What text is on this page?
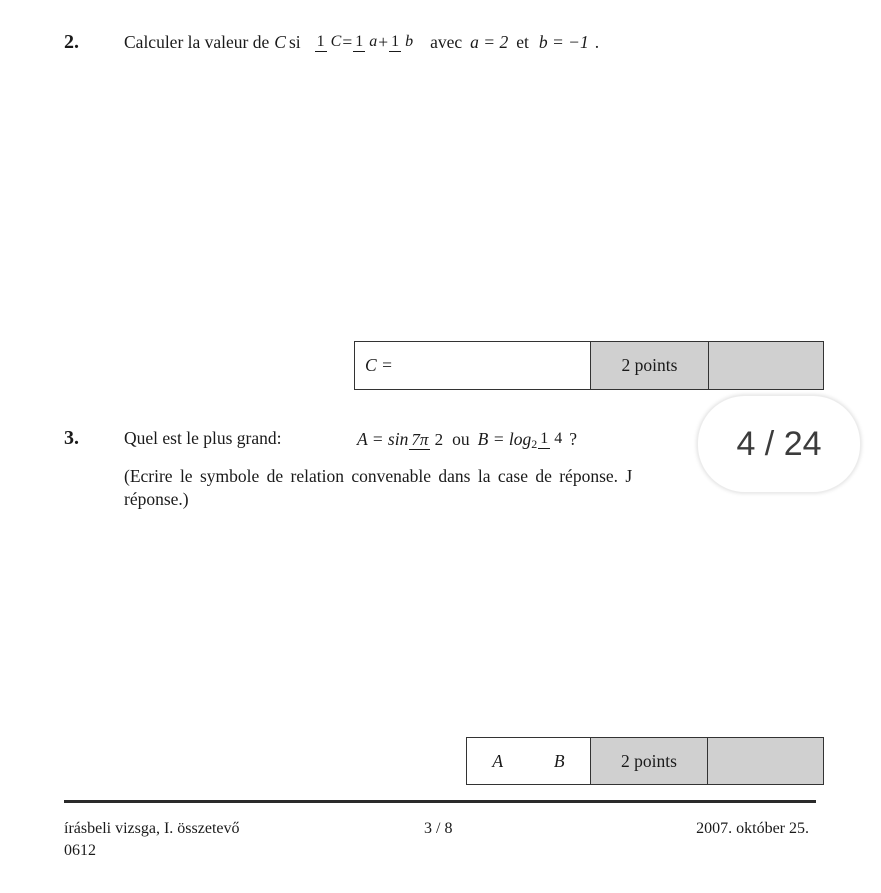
2.	Calculer la valeur de C si 1 C = 1 a + 1 b avec a = 2 et b = −1 .
C =	2 points
3.	Quel est le plus grand:	A = sin 7π 2 ou B = log 2 1 4 ?
(Ecrire le symbole de relation convenable dans la case de réponse. J
réponse.)
4 / 24
A	B	2 points
írásbeli vizsga, I. összetevő
0612
3 / 8	2007. október 25.
